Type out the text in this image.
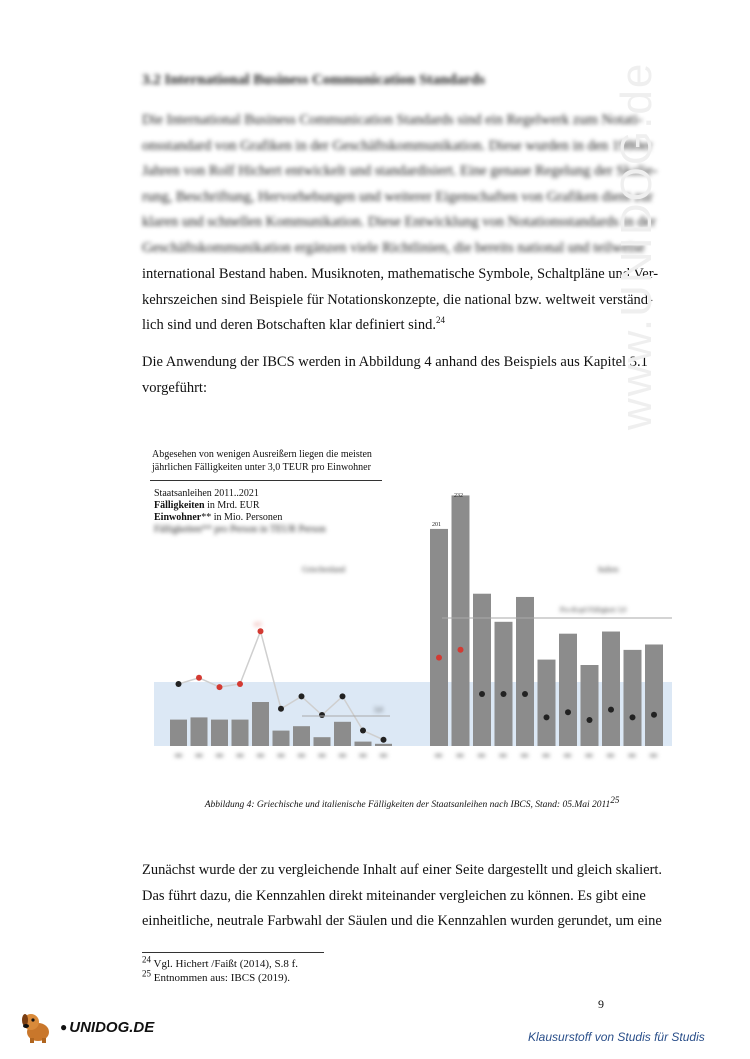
3.2 International Business Communication Standards
Die International Business Communication Standards sind ein Regelwerk zum Notati-
onsstandard von Grafiken in der Geschäftskommunikation. Diese wurden in den 1980er
Jahren von Rolf Hichert entwickelt und standardisiert. Eine genaue Regelung der Skalie-
rung, Beschriftung, Hervorhebungen und weiterer Eigenschaften von Grafiken dient zur
klaren und schnellen Kommunikation. Diese Entwicklung von Notationsstandards in der
Geschäftskommunikation ergänzen viele Richtlinien, die bereits national und teilweise
international Bestand haben. Musiknoten, mathematische Symbole, Schaltpläne und Ver-
kehrszeichen sind Beispiele für Notationskonzepte, die national bzw. weltweit verständ-
lich sind und deren Botschaften klar definiert sind.$^{24}$
Die Anwendung der IBCS werden in Abbildung 4 anhand des Beispiels aus Kapitel 3.1
vorgeführt:	www.UNIDOG.de
Abgesehen von wenigen Ausreißern liegen die meisten
jährlichen Fälligkeiten unter 3,0 TEUR pro Einwohner
Staatsanleihen 2011..2021
Fälligkeiten in Mrd. EUR
Einwohner** in Mio. Personen
Fälligkeiten** pro Person in TEUR Person
Pro-Kopf-Fälligkeit 3,0
3,0
Griechenland	Italien
201
232
4,5
Abbildung 4: Griechische und italienische Fälligkeiten der Staatsanleihen nach IBCS, Stand: 05.Mai 2011$^{25}$
Zunächst wurde der zu vergleichende Inhalt auf einer Seite dargestellt und gleich skaliert.
Das führt dazu, die Kennzahlen direkt miteinander vergleichen zu können. Es gibt eine
einheitliche, neutrale Farbwahl der Säulen und die Kennzahlen wurden gerundet, um eine
$^{24}$ Vgl. Hichert /Faißt (2014), S.8 f.
$^{25}$ Entnommen aus: IBCS (2019).
9
● UNIDOG.DE
Klausurstoff von Studis für Studis
